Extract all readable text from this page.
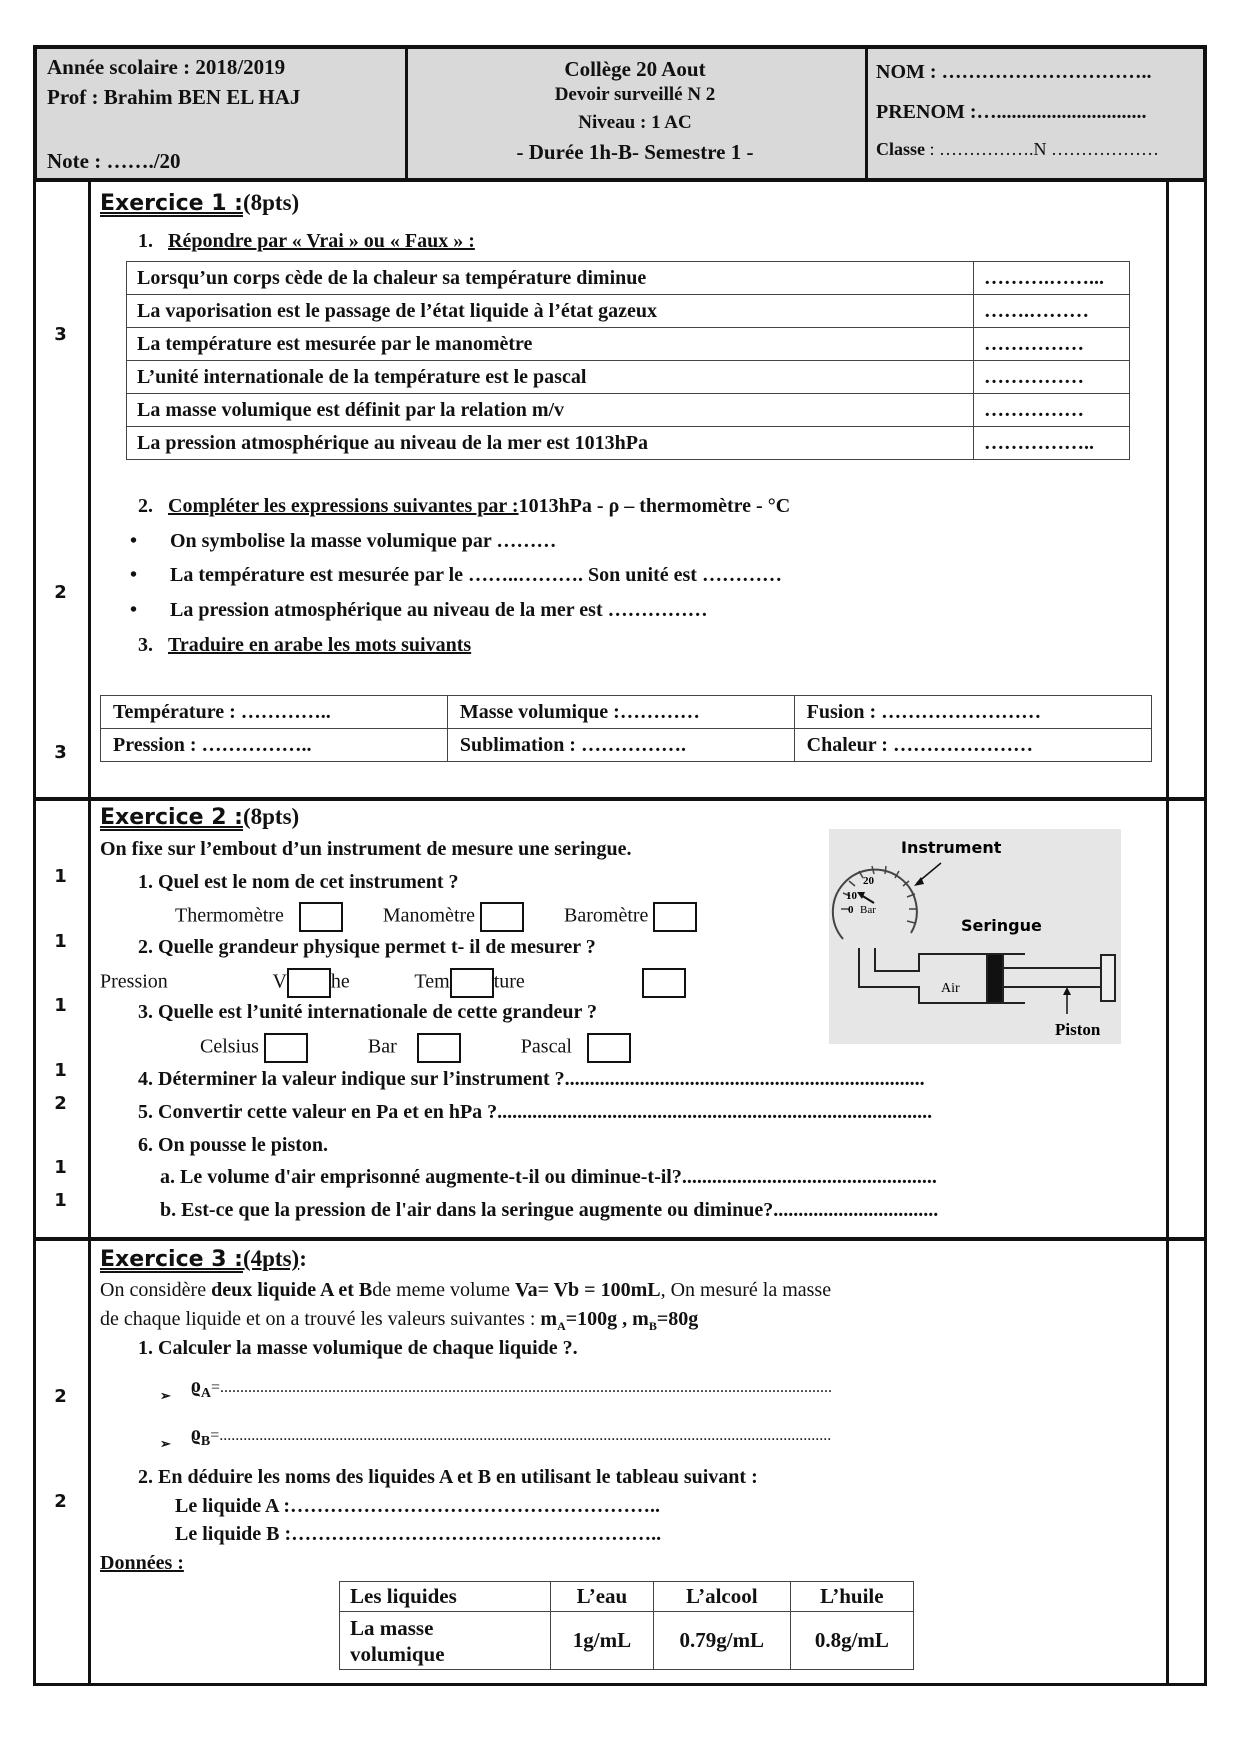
Année scolaire : 2018/2019
Prof : Brahim BEN EL HAJ
Note : ……./20
Collège 20 Aout
Devoir surveillé N 2
Niveau : 1 AC
- Durée 1h-B- Semestre 1 -
NOM : …………………………..
PRENOM :…..............................
Classe : …………….N ………………
3
2
3
1
1
1
1
2
1
1
2
2
Exercice 1 :(8pts)
1. Répondre par « Vrai » ou « Faux » :
Lorsqu’un corps cède de la chaleur sa température diminue	……….……...
La vaporisation est le passage de l’état liquide à l’état gazeux	…….………
La température est mesurée par le manomètre	……………
L’unité internationale de la température est le pascal	……………
La masse volumique est définit par la relation m/v	……………
La pression atmosphérique au niveau de la mer est 1013hPa	……………..
2. Compléter les expressions suivantes par :1013hPa - ρ – thermomètre - °C
• On symbolise la masse volumique par ………
• La température est mesurée par le ……..………. Son unité est …………
• La pression atmosphérique au niveau de la mer est ……………
3. Traduire en arabe les mots suivants
Température : …………..	Masse volumique :…………	Fusion : ……………………
Pression : ……………..	Sublimation : …………….	Chaleur : …………………
Exercice 2 :(8pts)
On fixe sur l’embout d’un instrument de mesure une seringue.
1. Quel est le nom de cet instrument ?
Thermomètre	Manomètre	Baromètre
2. Quelle grandeur physique permet t- il de mesurer ?
Pression	V he	Tem ture
3. Quelle est l’unité internationale de cette grandeur ?
Celsius	Bar	Pascal
4. Déterminer la valeur indique sur l’instrument ?........................................................................
5. Convertir cette valeur en Pa et en hPa ?.......................................................................................
6. On pousse le piston.
a. Le volume d'air emprisonné augmente-t-il ou diminue-t-il?...................................................
b. Est-ce que la pression de l'air dans la seringue augmente ou diminue?.................................
20
10
0 Bar
Instrument
Seringue
Air
Piston
Exercice 3 :(4pts):
On considère deux liquide A et Bde meme volume Va= Vb = 100mL, On mesuré la masse
de chaque liquide et on a trouvé les valeurs suivantes : $m_A=100g$ , $m_B=80g$
1. Calculer la masse volumique de chaque liquide ?.
$_➢$ $ϱ_A=$.........................................................................................................................................................
$_➢$ $ϱ_B=$.........................................................................................................................................................
2. En déduire les noms des liquides A et B en utilisant le tableau suivant :
Le liquide A :………………………………………………..
Le liquide B :………………………………………………..
Données :
Les liquides	L’eau	L’alcool	L’huile
La masse
volumique	1g/mL	0.79g/mL	0.8g/mL
